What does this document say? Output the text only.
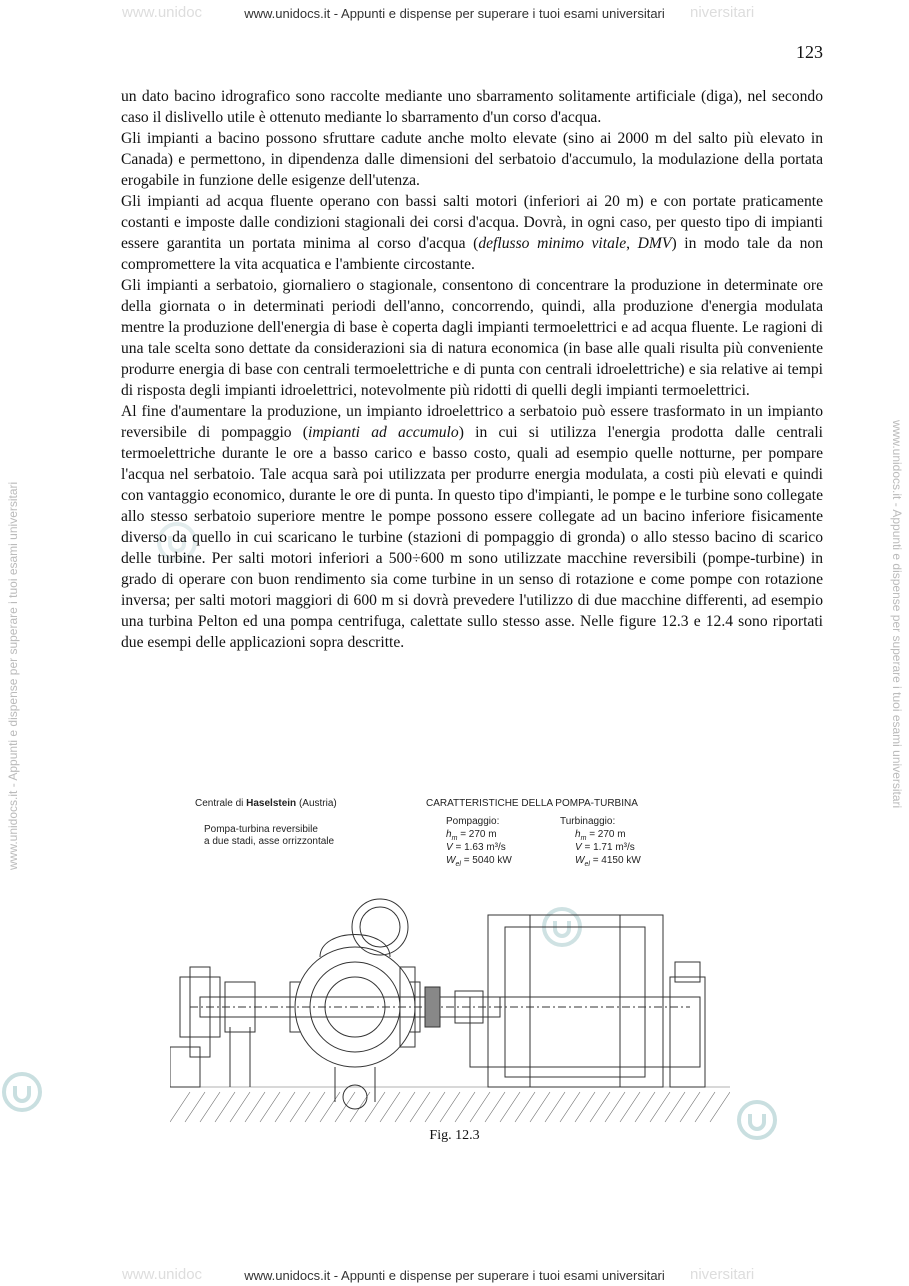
www.unidoc	niversitari
www.unidocs.it - Appunti e dispense per superare i tuoi esami universitari
www.unidoc	niversitari
www.unidocs.it - Appunti e dispense per superare i tuoi esami universitari
www.unidocs.it - Appunti e dispense per superare i tuoi esami universitari	www.unidocs.it - Appunti e dispense per superare i tuoi esami universitari
123

un dato bacino idrografico sono raccolte mediante uno sbarramento solitamente artificiale (diga), nel secondo caso il dislivello utile è ottenuto mediante lo sbarramento d'un corso d'acqua.

Gli impianti a bacino possono sfruttare cadute anche molto elevate (sino ai 2000 m del salto più elevato in Canada) e permettono, in dipendenza dalle dimensioni del serbatoio d'accumulo, la modulazione della portata erogabile in funzione delle esigenze dell'utenza.

Gli impianti ad acqua fluente operano con bassi salti motori (inferiori ai 20 m) e con portate praticamente costanti e imposte dalle condizioni stagionali dei corsi d'acqua. Dovrà, in ogni caso, per questo tipo di impianti essere garantita un portata minima al corso d'acqua (deflusso minimo vitale, DMV) in modo tale da non compromettere la vita acquatica e l'ambiente circostante.

Gli impianti a serbatoio, giornaliero o stagionale, consentono di concentrare la produzione in determinate ore della giornata o in determinati periodi dell'anno, concorrendo, quindi, alla produzione d'energia modulata mentre la produzione dell'energia di base è coperta dagli impianti termoelettrici e ad acqua fluente. Le ragioni di una tale scelta sono dettate da considerazioni sia di natura economica (in base alle quali risulta più conveniente produrre energia di base con centrali termoelettriche e di punta con centrali idroelettriche) e sia relative ai tempi di risposta degli impianti idroelettrici, notevolmente più ridotti di quelli degli impianti termoelettrici.

Al fine d'aumentare la produzione, un impianto idroelettrico a serbatoio può essere trasformato in un impianto reversibile di pompaggio (impianti ad accumulo) in cui si utilizza l'energia prodotta dalle centrali termoelettriche durante le ore a basso carico e basso costo, quali ad esempio quelle notturne, per pompare l'acqua nel serbatoio. Tale acqua sarà poi utilizzata per produrre energia modulata, a costi più elevati e quindi con vantaggio economico, durante le ore di punta. In questo tipo d'impianti, le pompe e le turbine sono collegate allo stesso serbatoio superiore mentre le pompe possono essere collegate ad un bacino inferiore fisicamente diverso da quello in cui scaricano le turbine (stazioni di pompaggio di gronda) o allo stesso bacino di scarico delle turbine. Per salti motori inferiori a 500÷600 m sono utilizzate macchine reversibili (pompe-turbine) in grado di operare con buon rendimento sia come turbine in un senso di rotazione e come pompe con rotazione inversa; per salti motori maggiori di 600 m si dovrà prevedere l'utilizzo di due macchine differenti, ad esempio una turbina Pelton ed una pompa centrifuga, calettate sullo stesso asse. Nelle figure 12.3 e 12.4 sono riportati due esempi delle applicazioni sopra descritte.

Centrale di Haselstein (Austria)
Pompa-turbina reversibile
a due stadi, asse orrizzontale
CARATTERISTICHE DELLA POMPA-TURBINA
Pompaggio:
$h_m = 270$ m
V = 1.63 m³/s
$W_{el} = 5040$ kW
Turbinaggio:
$h_m = 270$ m
V = 1.71 m³/s
$W_{el} = 4150$ kW
Fig. 12.3
